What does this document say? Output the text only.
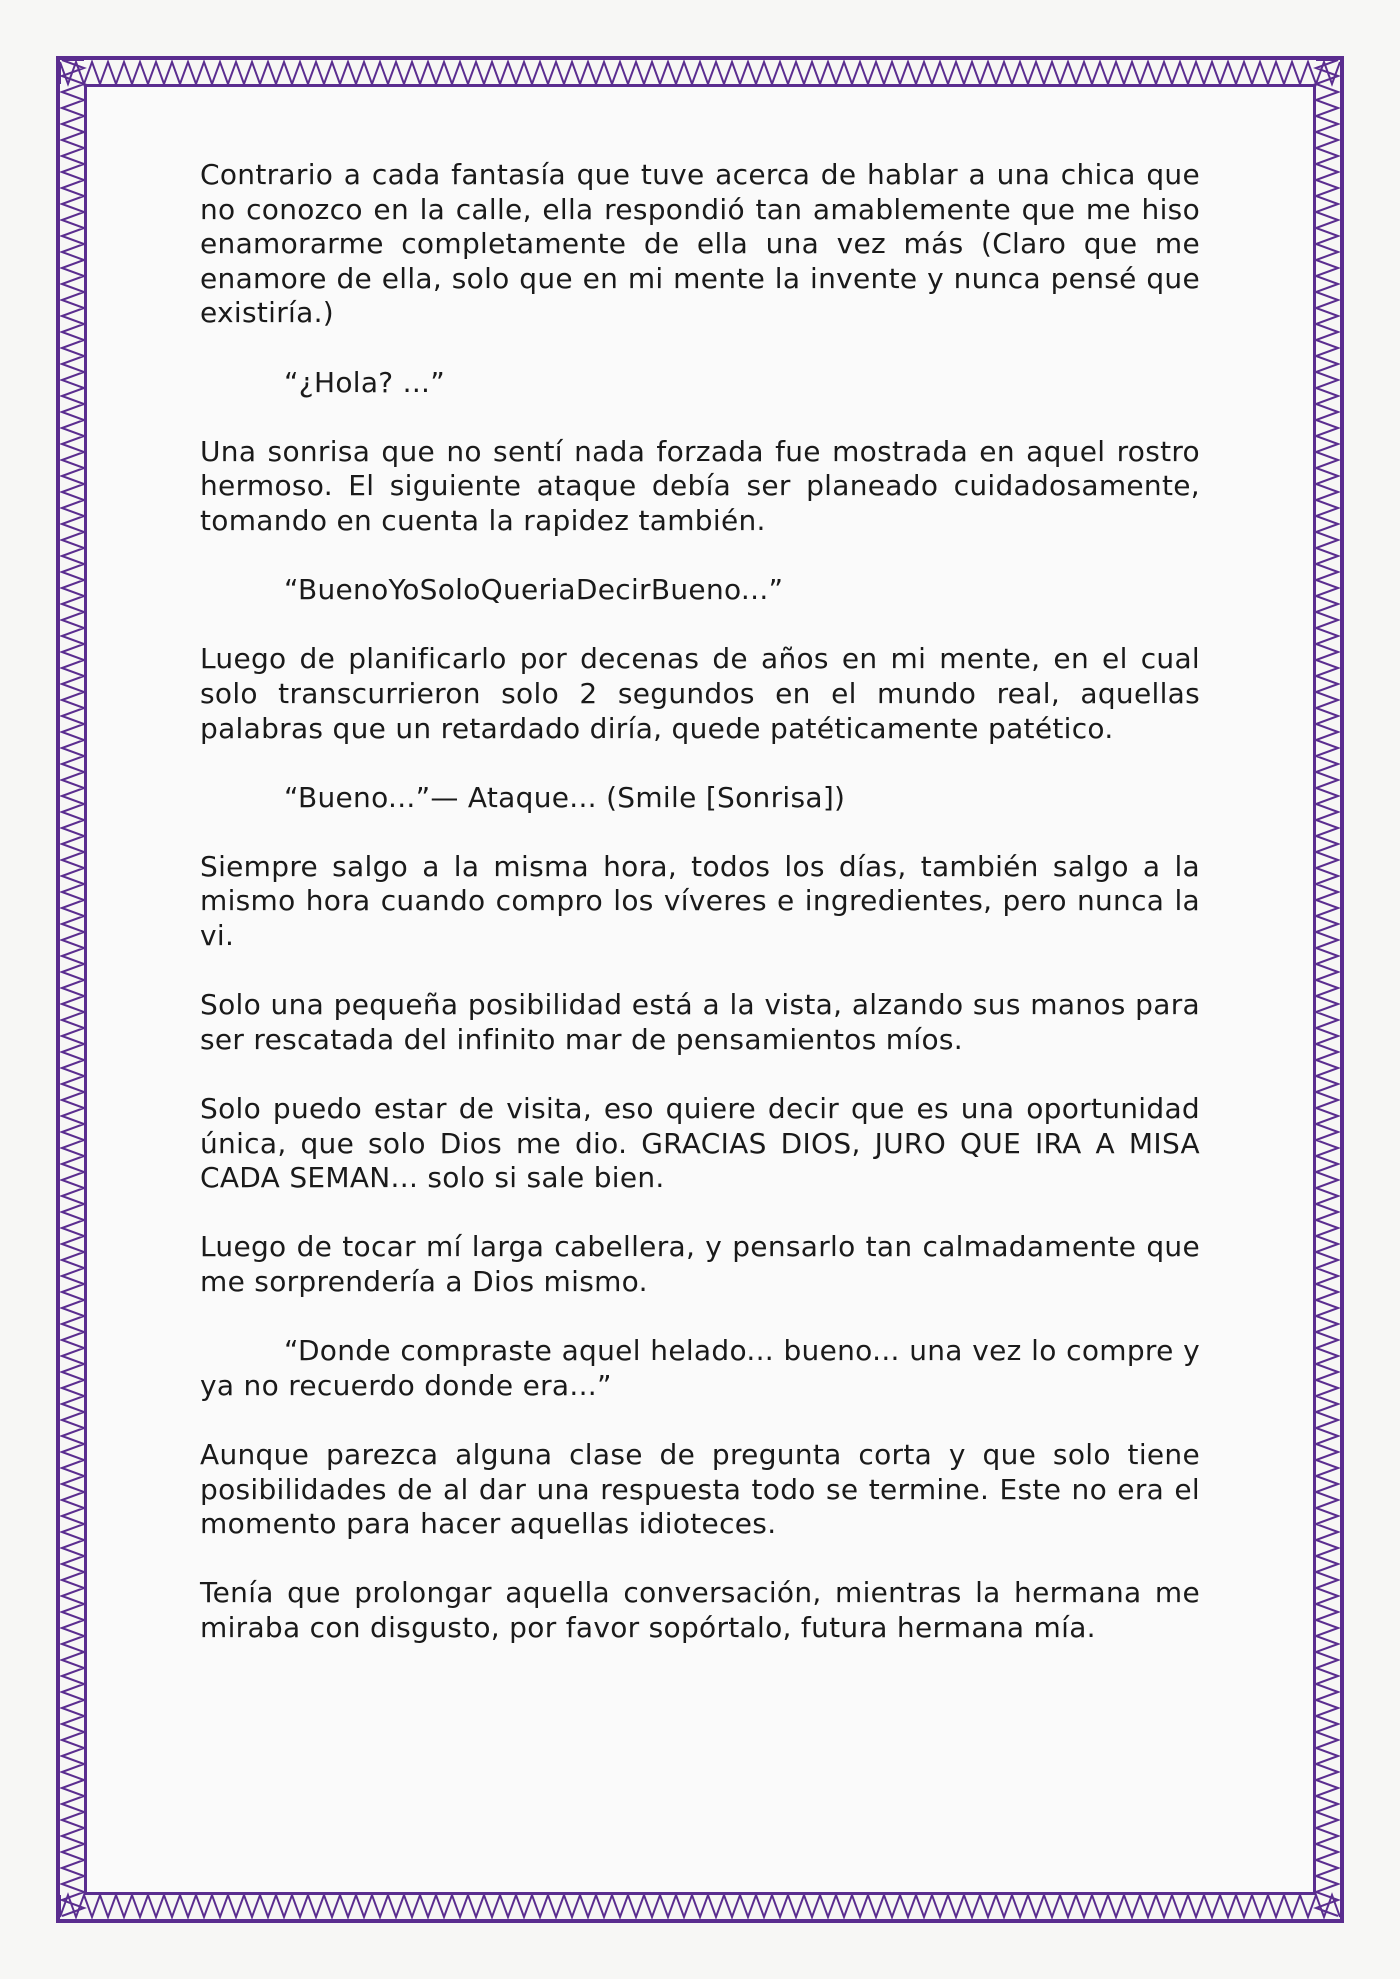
Contrario a cada fantasía que tuve acerca de hablar a una chica que no conozco en la calle, ella respondió tan amablemente que me hiso enamorarme completamente de ella una vez más (Claro que me enamore de ella, solo que en mi mente la invente y nunca pensé que existiría.)

“¿Hola? ...”

Una sonrisa que no sentí nada forzada fue mostrada en aquel rostro hermoso. El siguiente ataque debía ser planeado cuidadosamente, tomando en cuenta la rapidez también.

“BuenoYoSoloQueriaDecirBueno...”

Luego de planificarlo por decenas de años en mi mente, en el cual solo transcurrieron solo 2 segundos en el mundo real, aquellas palabras que un retardado diría, quede patéticamente patético.

“Bueno...”— Ataque... (Smile [Sonrisa])

Siempre salgo a la misma hora, todos los días, también salgo a la mismo hora cuando compro los víveres e ingredientes, pero nunca la vi.

Solo una pequeña posibilidad está a la vista, alzando sus manos para ser rescatada del infinito mar de pensamientos míos.

Solo puedo estar de visita, eso quiere decir que es una oportunidad única, que solo Dios me dio. GRACIAS DIOS, JURO QUE IRA A MISA CADA SEMAN... solo si sale bien.

Luego de tocar mí larga cabellera, y pensarlo tan calmadamente que me sorprendería a Dios mismo.

“Donde compraste aquel helado... bueno... una vez lo compre y ya no recuerdo donde era...”

Aunque parezca alguna clase de pregunta corta y que solo tiene posibilidades de al dar una respuesta todo se termine. Este no era el momento para hacer aquellas idioteces.

Tenía que prolongar aquella conversación, mientras la hermana me miraba con disgusto, por favor sopórtalo, futura hermana mía.
